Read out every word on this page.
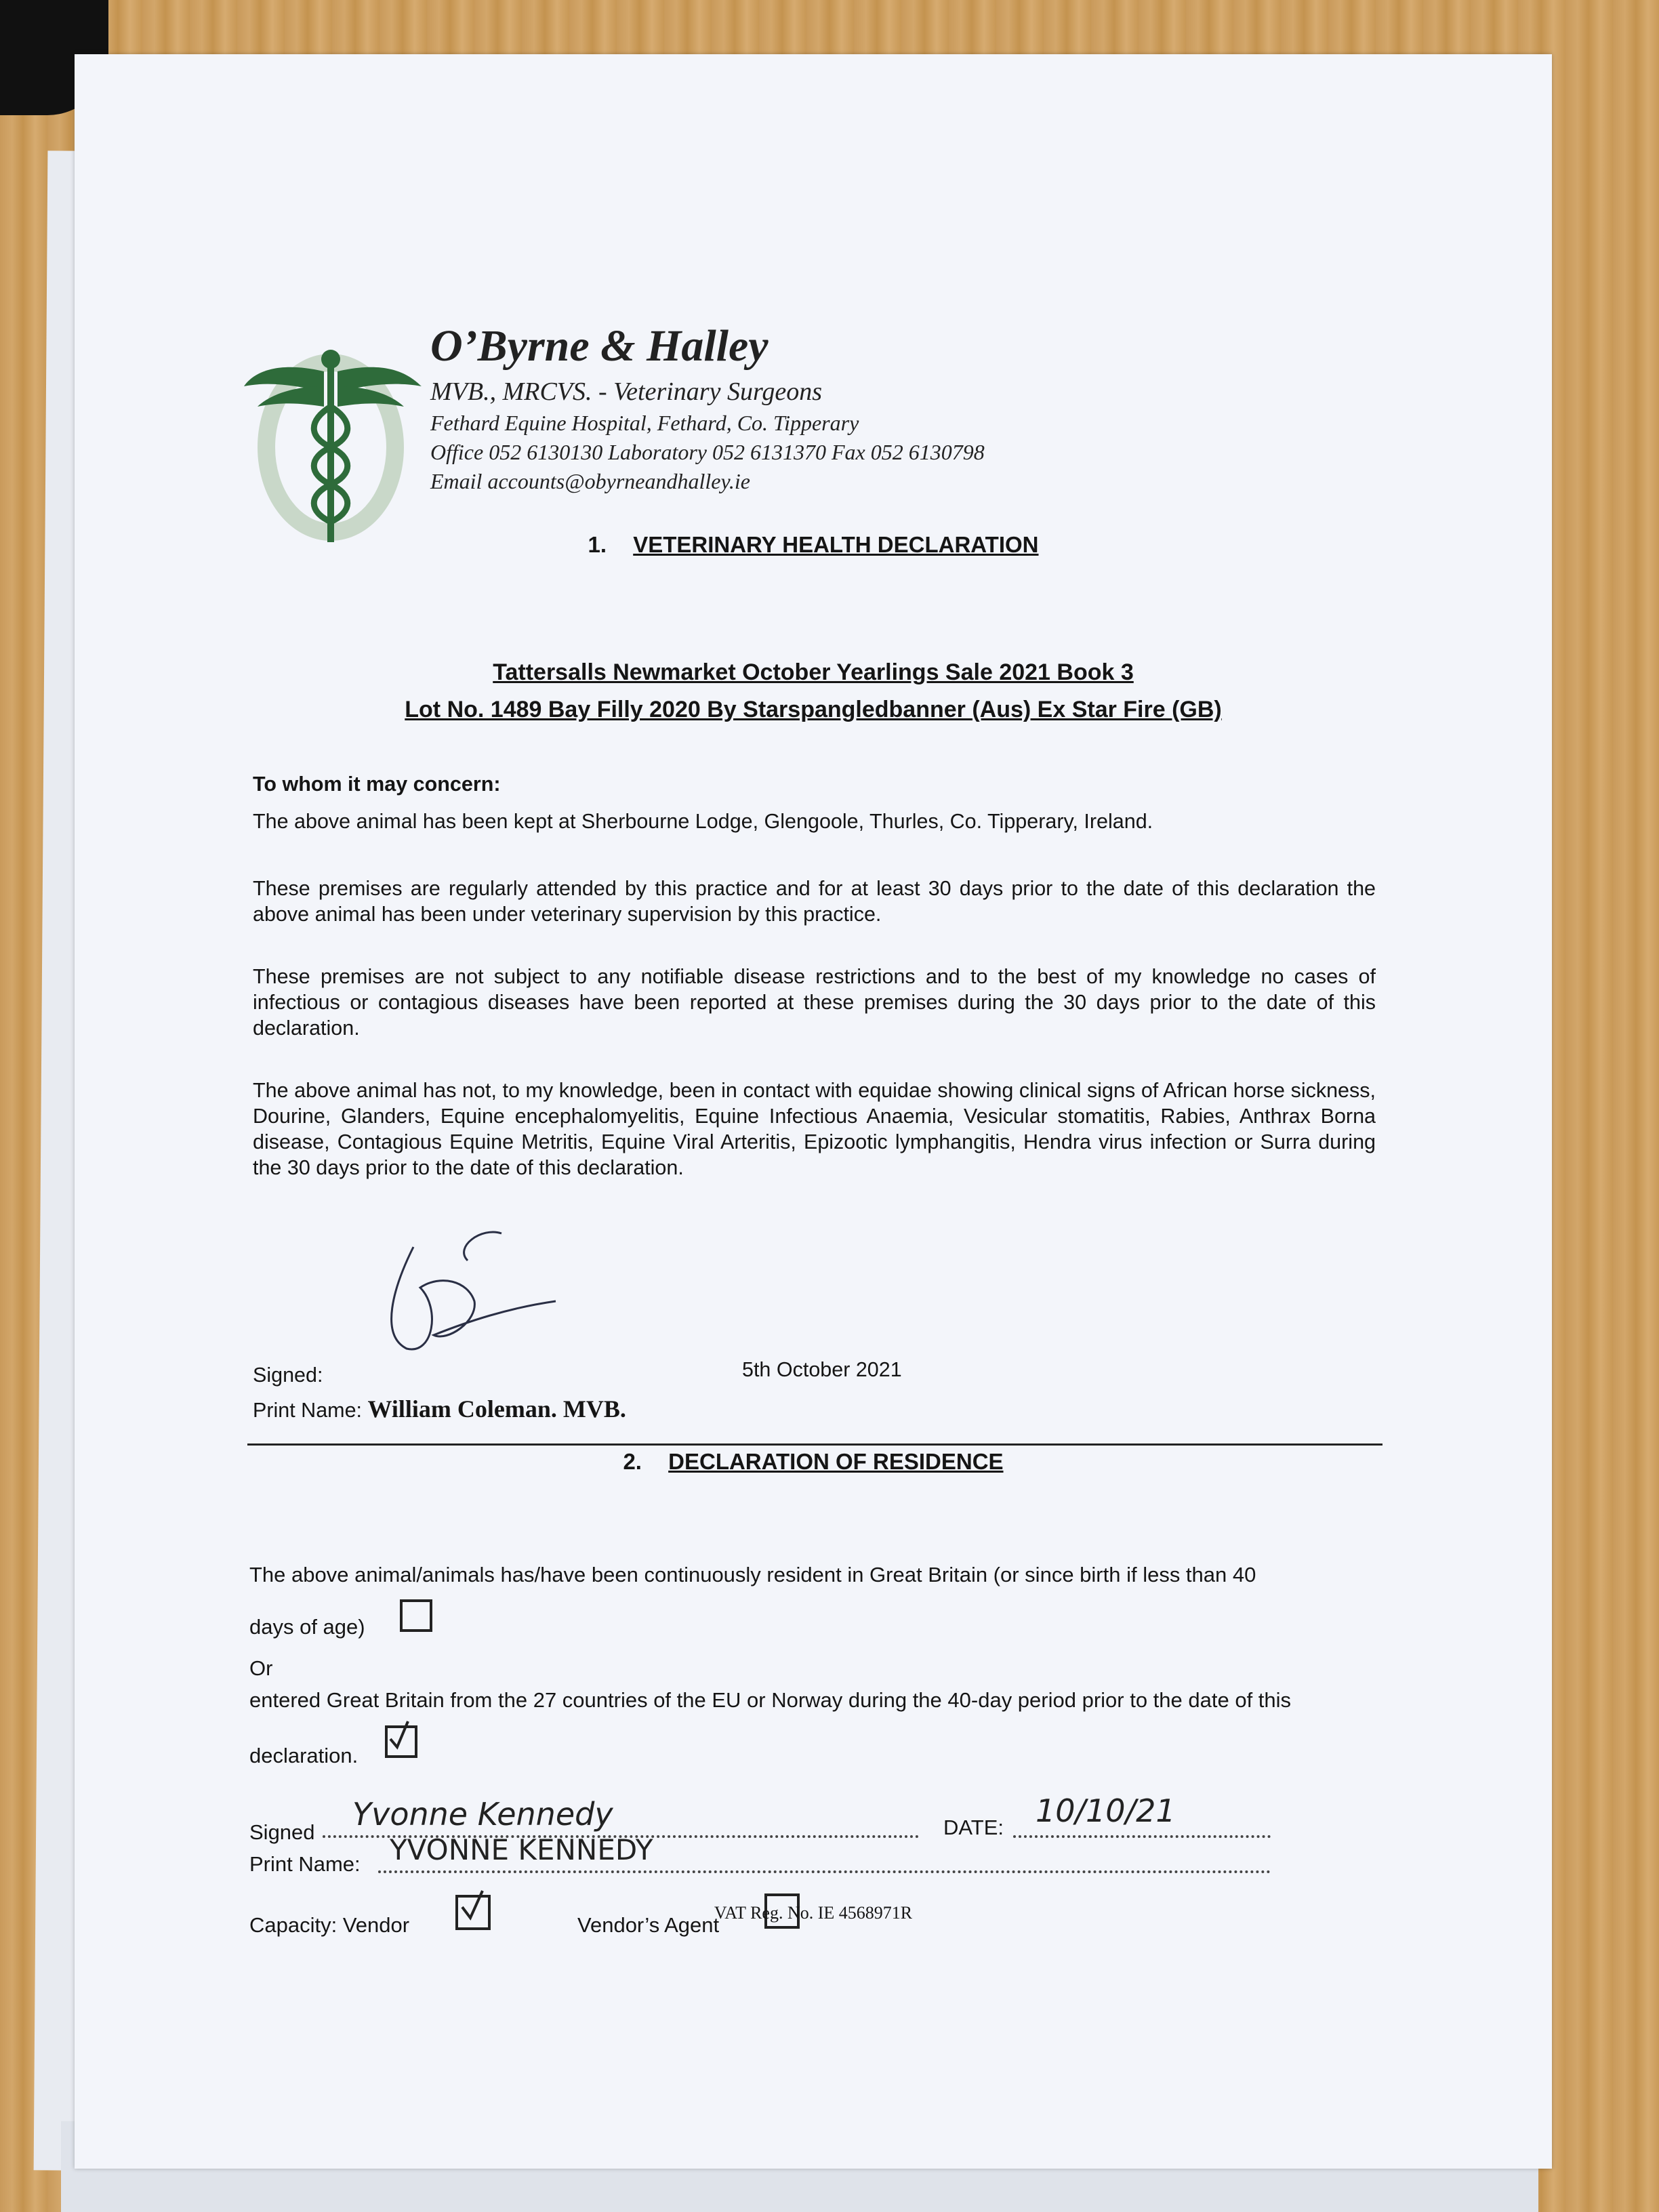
O’Byrne & Halley
MVB., MRCVS. - Veterinary Surgeons
Fethard Equine Hospital, Fethard, Co. Tipperary
Office 052 6130130 Laboratory 052 6131370 Fax 052 6130798
Email accounts@obyrneandhalley.ie
1. VETERINARY HEALTH DECLARATION
Tattersalls Newmarket October Yearlings Sale 2021 Book 3
Lot No. 1489 Bay Filly 2020 By Starspangledbanner (Aus) Ex Star Fire (GB)
To whom it may concern:
The above animal has been kept at Sherbourne Lodge, Glengoole, Thurles, Co. Tipperary, Ireland.
These premises are regularly attended by this practice and for at least 30 days prior to the date of this declaration the above animal has been under veterinary supervision by this practice.
These premises are not subject to any notifiable disease restrictions and to the best of my knowledge no cases of infectious or contagious diseases have been reported at these premises during the 30 days prior to the date of this declaration.
The above animal has not, to my knowledge, been in contact with equidae showing clinical signs of African horse sickness, Dourine, Glanders, Equine encephalomyelitis, Equine Infectious Anaemia, Vesicular stomatitis, Rabies, Anthrax Borna disease, Contagious Equine Metritis, Equine Viral Arteritis, Epizootic lymphangitis, Hendra virus infection or Surra during the 30 days prior to the date of this declaration.
Signed:	5th October 2021
Print Name: William Coleman. MVB.
2. DECLARATION OF RESIDENCE
The above animal/animals has/have been continuously resident in Great Britain (or since birth if less than 40
days of age)
Or
entered Great Britain from the 27 countries of the EU or Norway during the 40-day period prior to the date of this
declaration.
Signed	Yvonne Kennedy	DATE:	10/10/21
Print Name:	YVONNE KENNEDY
Capacity: Vendor	Vendor’s Agent
VAT Reg. No. IE 4568971R
